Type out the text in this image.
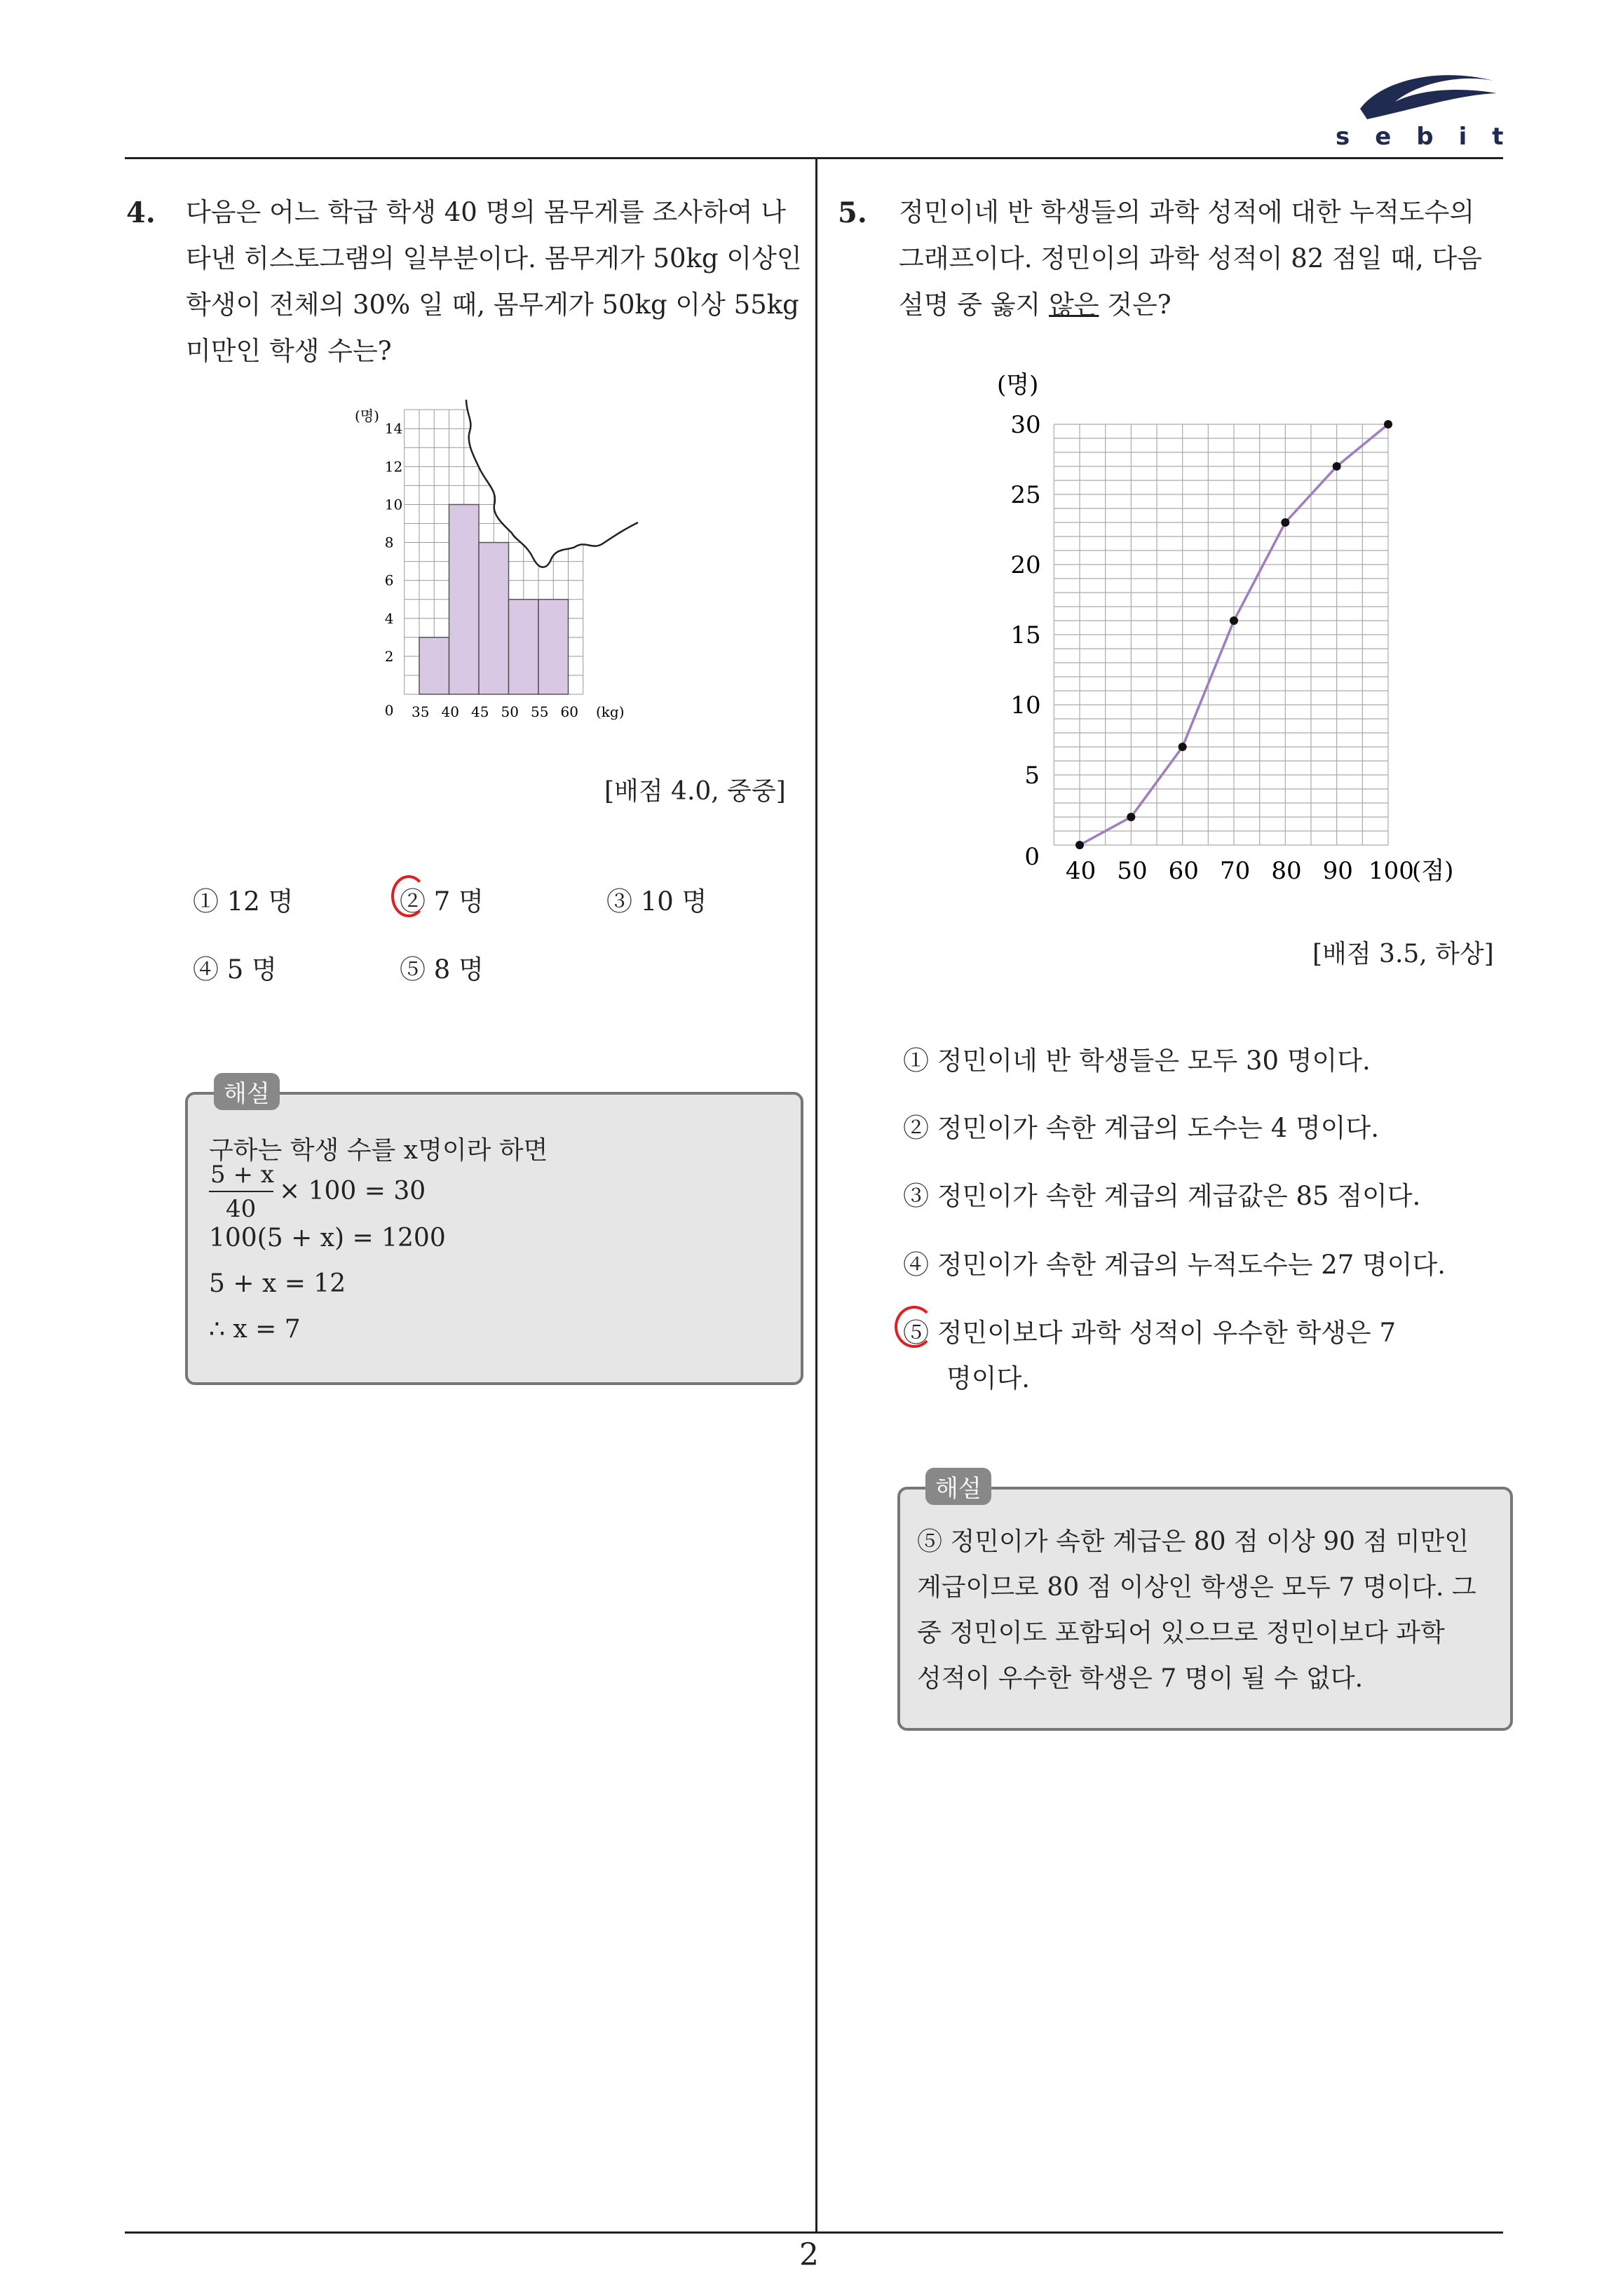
sebit
4. 다음은 어느 학급 학생 40 명의 몸무게를 조사하여 나
타낸 히스토그램의 일부분이다. 몸무게가 50kg 이상인
학생이 전체의 30% 일 때, 몸무게가 50kg 이상 55kg
미만인 학생 수는?
0
2
4
6
8
10
12
14
35 40 45 50 55 60
(명)
(kg)
[배점 4.0, 중중]
① 12 명	② 7 명	③ 10 명
④ 5 명	⑤ 8 명
해설
구하는 학생 수를 x명이라 하면
5 + x
40
× 100 = 30
100(5 + x) = 1200
5 + x = 12
∴ x = 7
5. 정민이네 반 학생들의 과학 성적에 대한 누적도수의
그래프이다. 정민이의 과학 성적이 82 점일 때, 다음
설명 중 옳지 않은 것은?
0
5
10
15
20
25
30
40 50 60 70 80 90 100
(점)
(명)
[배점 3.5, 하상]
① 정민이네 반 학생들은 모두 30 명이다.
② 정민이가 속한 계급의 도수는 4 명이다.
③ 정민이가 속한 계급의 계급값은 85 점이다.
④ 정민이가 속한 계급의 누적도수는 27 명이다.
⑤ 정민이보다 과학 성적이 우수한 학생은 7
명이다.
해설
⑤ 정민이가 속한 계급은 80 점 이상 90 점 미만인
계급이므로 80 점 이상인 학생은 모두 7 명이다. 그
중 정민이도 포함되어 있으므로 정민이보다 과학
성적이 우수한 학생은 7 명이 될 수 없다.
2
